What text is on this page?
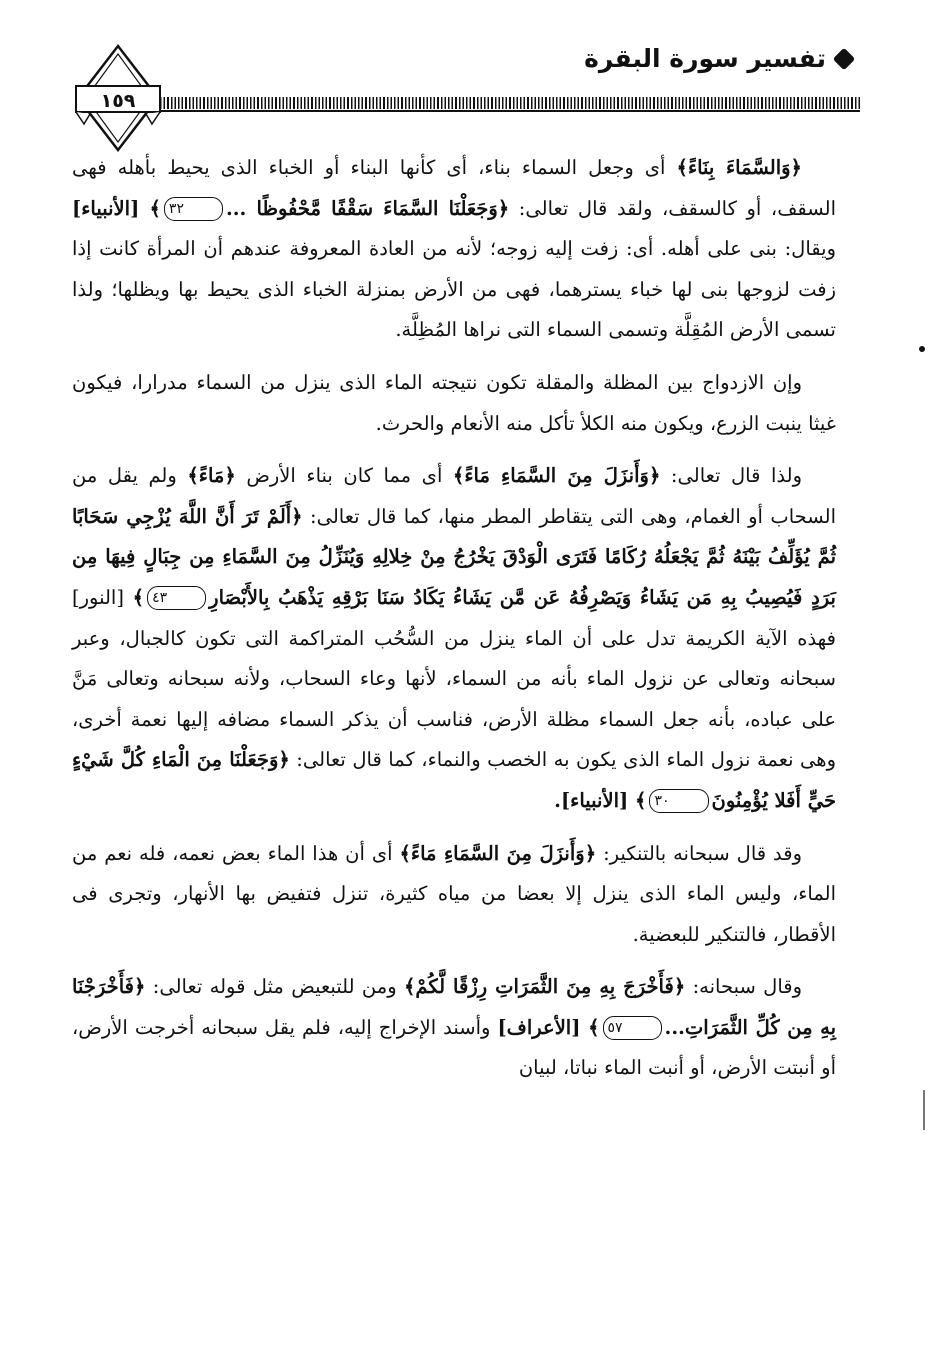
تفسير سورة البقرة
١٥٩

﴿وَالسَّمَاءَ بِنَاءً﴾ أى وجعل السماء بناء، أى كأنها البناء أو الخباء الذى يحيط بأهله فهى السقف، أو كالسقف، ولقد قال تعالى: ﴿وَجَعَلْنَا السَّمَاءَ سَقْفًا مَّحْفُوظًا ...٣٢﴾ [الأنبياء] ويقال: بنى على أهله. أى: زفت إليه زوجه؛ لأنه من العادة المعروفة عندهم أن المرأة كانت إذا زفت لزوجها بنى لها خباء يسترهما، فهى من الأرض بمنزلة الخباء الذى يحيط بها ويظلها؛ ولذا تسمى الأرض المُقِلَّة وتسمى السماء التى نراها المُظِلَّة.

وإن الازدواج بين المظلة والمقلة تكون نتيجته الماء الذى ينزل من السماء مدرارا، فيكون غيثا ينبت الزرع، ويكون منه الكلأ تأكل منه الأنعام والحرث.

ولذا قال تعالى: ﴿وَأَنزَلَ مِنَ السَّمَاءِ مَاءً﴾ أى مما كان بناء الأرض ﴿مَاءً﴾ ولم يقل من السحاب أو الغمام، وهى التى يتقاطر المطر منها، كما قال تعالى: ﴿أَلَمْ تَرَ أَنَّ اللَّهَ يُزْجِي سَحَابًا ثُمَّ يُؤَلِّفُ بَيْنَهُ ثُمَّ يَجْعَلُهُ رُكَامًا فَتَرَى الْوَدْقَ يَخْرُجُ مِنْ خِلالِهِ وَيُنَزِّلُ مِنَ السَّمَاءِ مِن جِبَالٍ فِيهَا مِن بَرَدٍ فَيُصِيبُ بِهِ مَن يَشَاءُ وَيَصْرِفُهُ عَن مَّن يَشَاءُ يَكَادُ سَنَا بَرْقِهِ يَذْهَبُ بِالأَبْصَارِ٤٣﴾ [النور] فهذه الآية الكريمة تدل على أن الماء ينزل من السُّحُب المتراكمة التى تكون كالجبال، وعبر سبحانه وتعالى عن نزول الماء بأنه من السماء، لأنها وعاء السحاب، ولأنه سبحانه وتعالى مَنَّ على عباده، بأنه جعل السماء مظلة الأرض، فناسب أن يذكر السماء مضافه إليها نعمة أخرى، وهى نعمة نزول الماء الذى يكون به الخصب والنماء، كما قال تعالى: ﴿وَجَعَلْنَا مِنَ الْمَاءِ كُلَّ شَيْءٍ حَيٍّ أَفَلا يُؤْمِنُونَ٣٠﴾ [الأنبياء].

وقد قال سبحانه بالتنكير: ﴿وَأَنزَلَ مِنَ السَّمَاءِ مَاءً﴾ أى أن هذا الماء بعض نعمه، فله نعم من الماء، وليس الماء الذى ينزل إلا بعضا من مياه كثيرة، تنزل فتفيض بها الأنهار، وتجرى فى الأقطار، فالتنكير للبعضية.

وقال سبحانه: ﴿فَأَخْرَجَ بِهِ مِنَ الثَّمَرَاتِ رِزْقًا لَّكُمْ﴾ ومن للتبعيض مثل قوله تعالى: ﴿فَأَخْرَجْنَا بِهِ مِن كُلِّ الثَّمَرَاتِ...٥٧﴾ [الأعراف] وأسند الإخراج إليه، فلم يقل سبحانه أخرجت الأرض، أو أنبتت الأرض، أو أنبت الماء نباتا، لبيان
